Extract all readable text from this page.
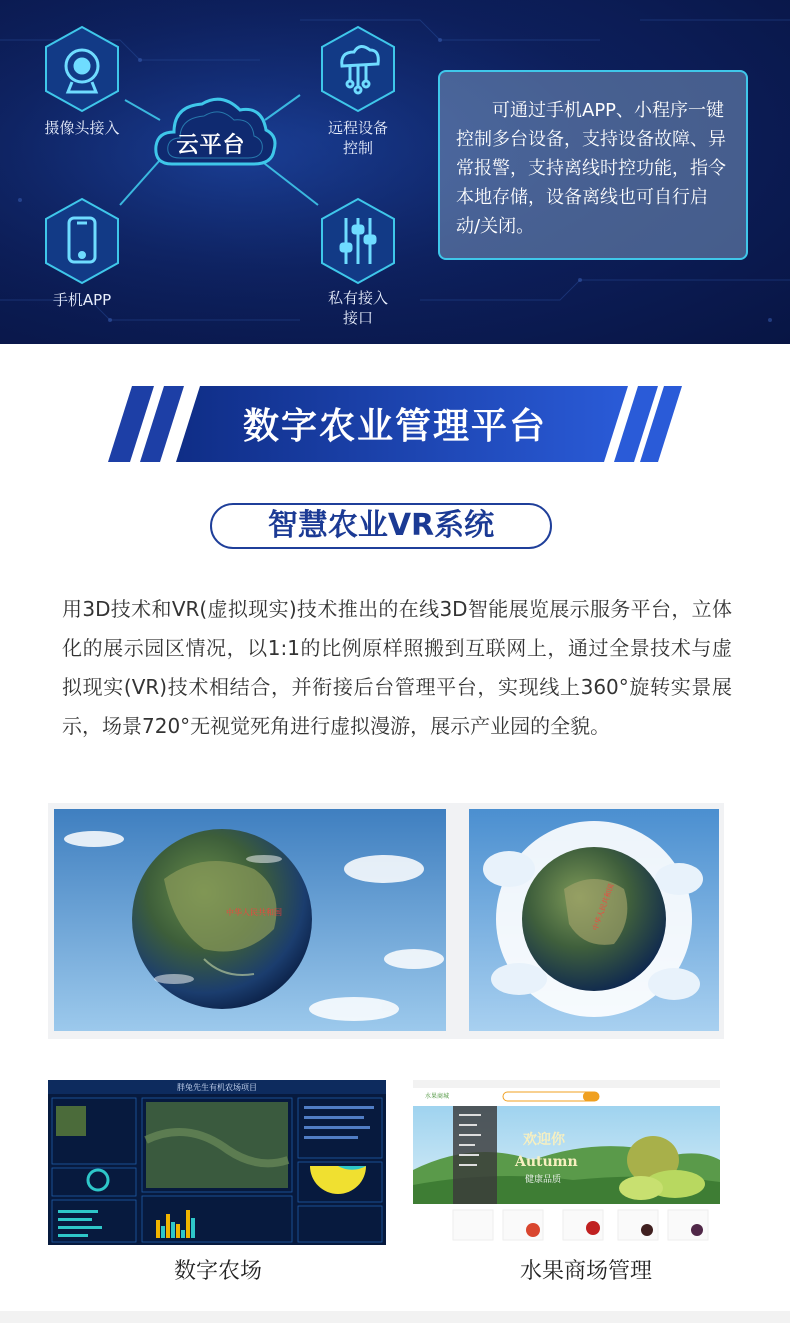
摄像头接入	远程设备
控制
手机APP	私有接入
接口
云平台
可通过手机APP、小程序一键控制多台设备，支持设备故障、异常报警，支持离线时控功能，指令本地存储，设备离线也可自行启动/关闭。
数字农业管理平台
智慧农业VR系统
用3D技术和VR(虚拟现实)技术推出的在线3D智能展览展示服务平台，立体化的展示园区情况，以1:1的比例原样照搬到互联网上，通过全景技术与虚拟现实(VR)技术相结合，并衔接后台管理平台，实现线上360°旋转实景展示，场景720°无视觉死角进行虚拟漫游，展示产业园的全貌。
中华人民共和国	中华人民共和国
胖兔先生有机农场项目
数字农场
水果商城
欢迎你
Autumn
健康品质
水果商场管理
